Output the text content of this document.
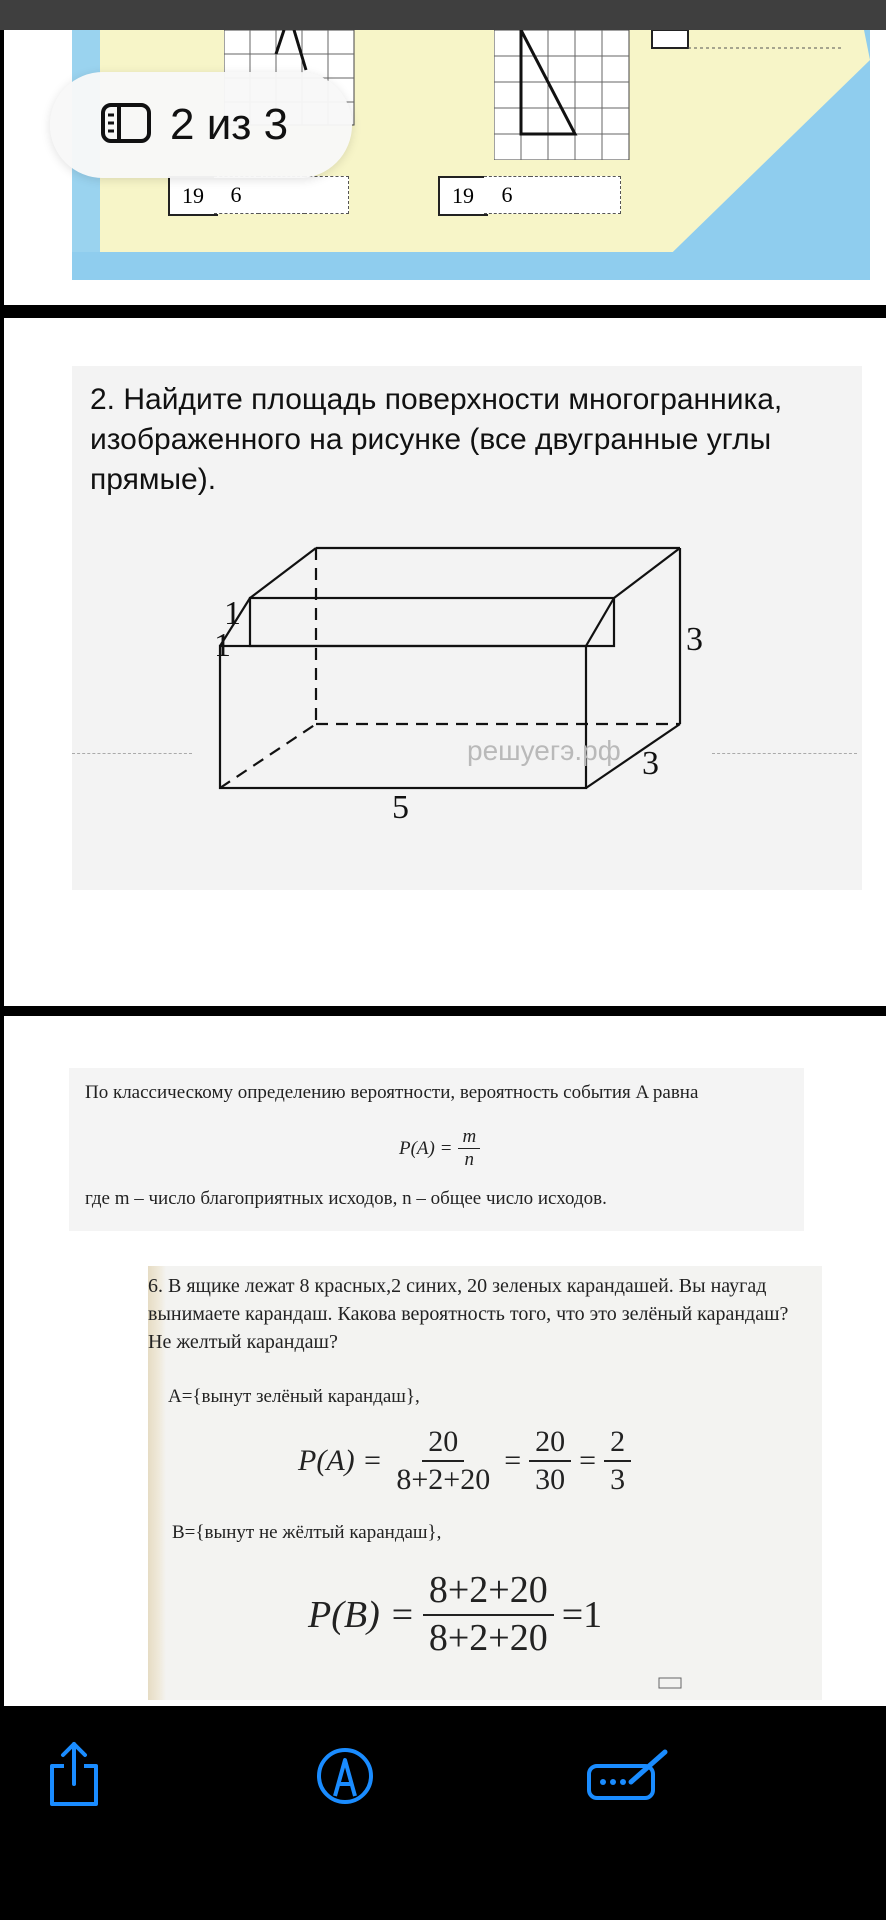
19	6	19	6
2 из 3
2. Найдите площадь поверхности многогранника, изображенного на рисунке (все двугранные углы прямые).
1
1	3
3
5
решуегэ.рф
По классическому определению вероятности, вероятность события A равна
$P(A) = \frac{m}{n}$
где m – число благоприятных исходов, n – общее число исходов.
6. В ящике лежат 8 красных,2 синих, 20 зеленых карандашей. Вы наугад вынимаете карандаш. Какова вероятность того, что это зелёный карандаш? Не желтый карандаш?
A={вынут зелёный карандаш},
$P(A) = \frac{20}{8+2+20} = \frac{20}{30} = \frac{2}{3}$
B={вынут не жёлтый карандаш},
$P(B) = \frac{8+2+20}{8+2+20} =1$
